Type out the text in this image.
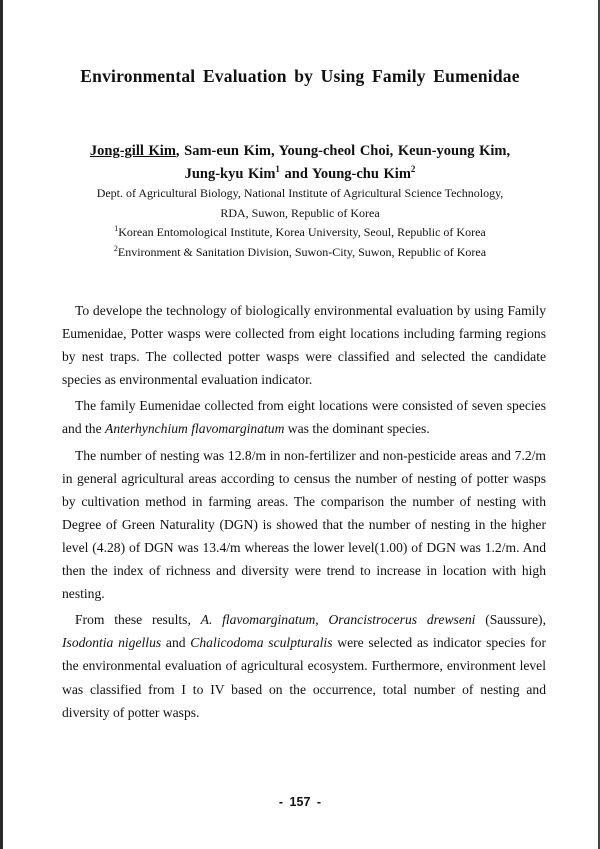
Environmental Evaluation by Using Family Eumenidae
Jong-gill Kim, Sam-eun Kim, Young-cheol Choi, Keun-young Kim,
Jung-kyu Kim$^1$ and Young-chu Kim$^2$
Dept. of Agricultural Biology, National Institute of Agricultural Science Technology,
RDA, Suwon, Republic of Korea
$^1$Korean Entomological Institute, Korea University, Seoul, Republic of Korea
$^2$Environment & Sanitation Division, Suwon-City, Suwon, Republic of Korea

To develope the technology of biologically environmental evaluation by using Family Eumenidae, Potter wasps were collected from eight locations including farming regions by nest traps. The collected potter wasps were classified and selected the candidate species as environmental evaluation indicator.

The family Eumenidae collected from eight locations were consisted of seven species and the Anterhynchium flavomarginatum was the dominant species.

The number of nesting was 12.8/m in non-fertilizer and non-pesticide areas and 7.2/m in general agricultural areas according to census the number of nesting of potter wasps by cultivation method in farming areas. The comparison the number of nesting with Degree of Green Naturality (DGN) is showed that the number of nesting in the higher level (4.28) of DGN was 13.4/m whereas the lower level(1.00) of DGN was 1.2/m. And then the index of richness and diversity were trend to increase in location with high nesting.

From these results, A. flavomarginatum, Orancistrocerus drewseni (Saussure), Isodontia nigellus and Chalicodoma sculpturalis were selected as indicator species for the environmental evaluation of agricultural ecosystem. Furthermore, environment level was classified from I to IV based on the occurrence, total number of nesting and diversity of potter wasps.

- 157 -
